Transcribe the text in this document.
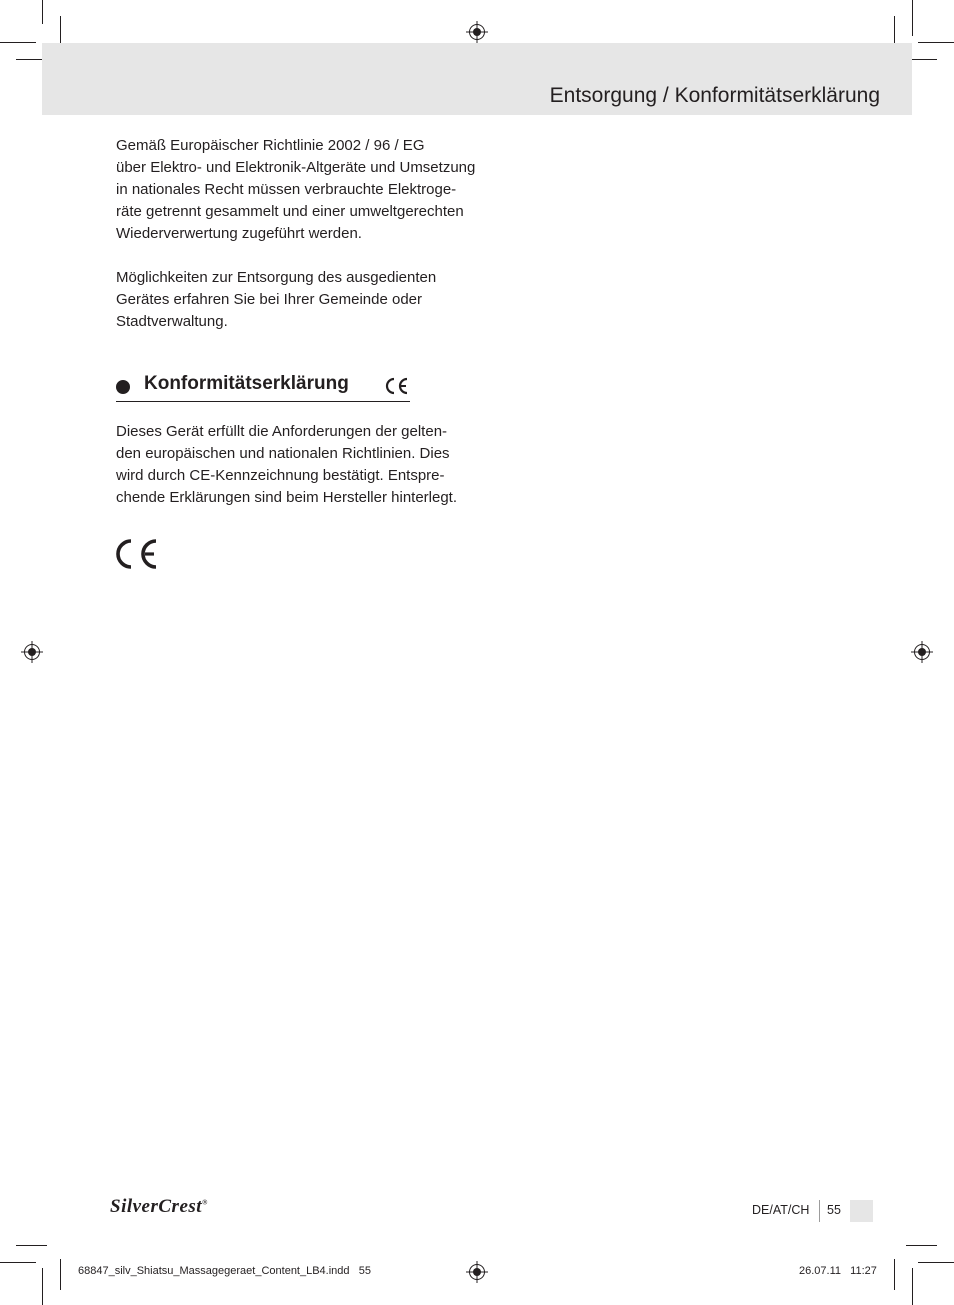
Entsorgung / Konformitätserklärung
Gemäß Europäischer Richtlinie 2002 / 96 / EG
über Elektro- und Elektronik-Altgeräte und Umsetzung
in nationales Recht müssen verbrauchte Elektroge-
räte getrennt gesammelt und einer umweltgerechten
Wiederverwertung zugeführt werden.
Möglichkeiten zur Entsorgung des ausgedienten
Gerätes erfahren Sie bei Ihrer Gemeinde oder
Stadtverwaltung.
Konformitätserklärung
Dieses Gerät erfüllt die Anforderungen der gelten-
den europäischen und nationalen Richtlinien. Dies
wird durch CE-Kennzeichnung bestätigt. Entspre-
chende Erklärungen sind beim Hersteller hinterlegt.
SilverCrest®
DE/AT/CH 55
68847_silv_Shiatsu_Massagegeraet_Content_LB4.indd   55	26.07.11   11:27
